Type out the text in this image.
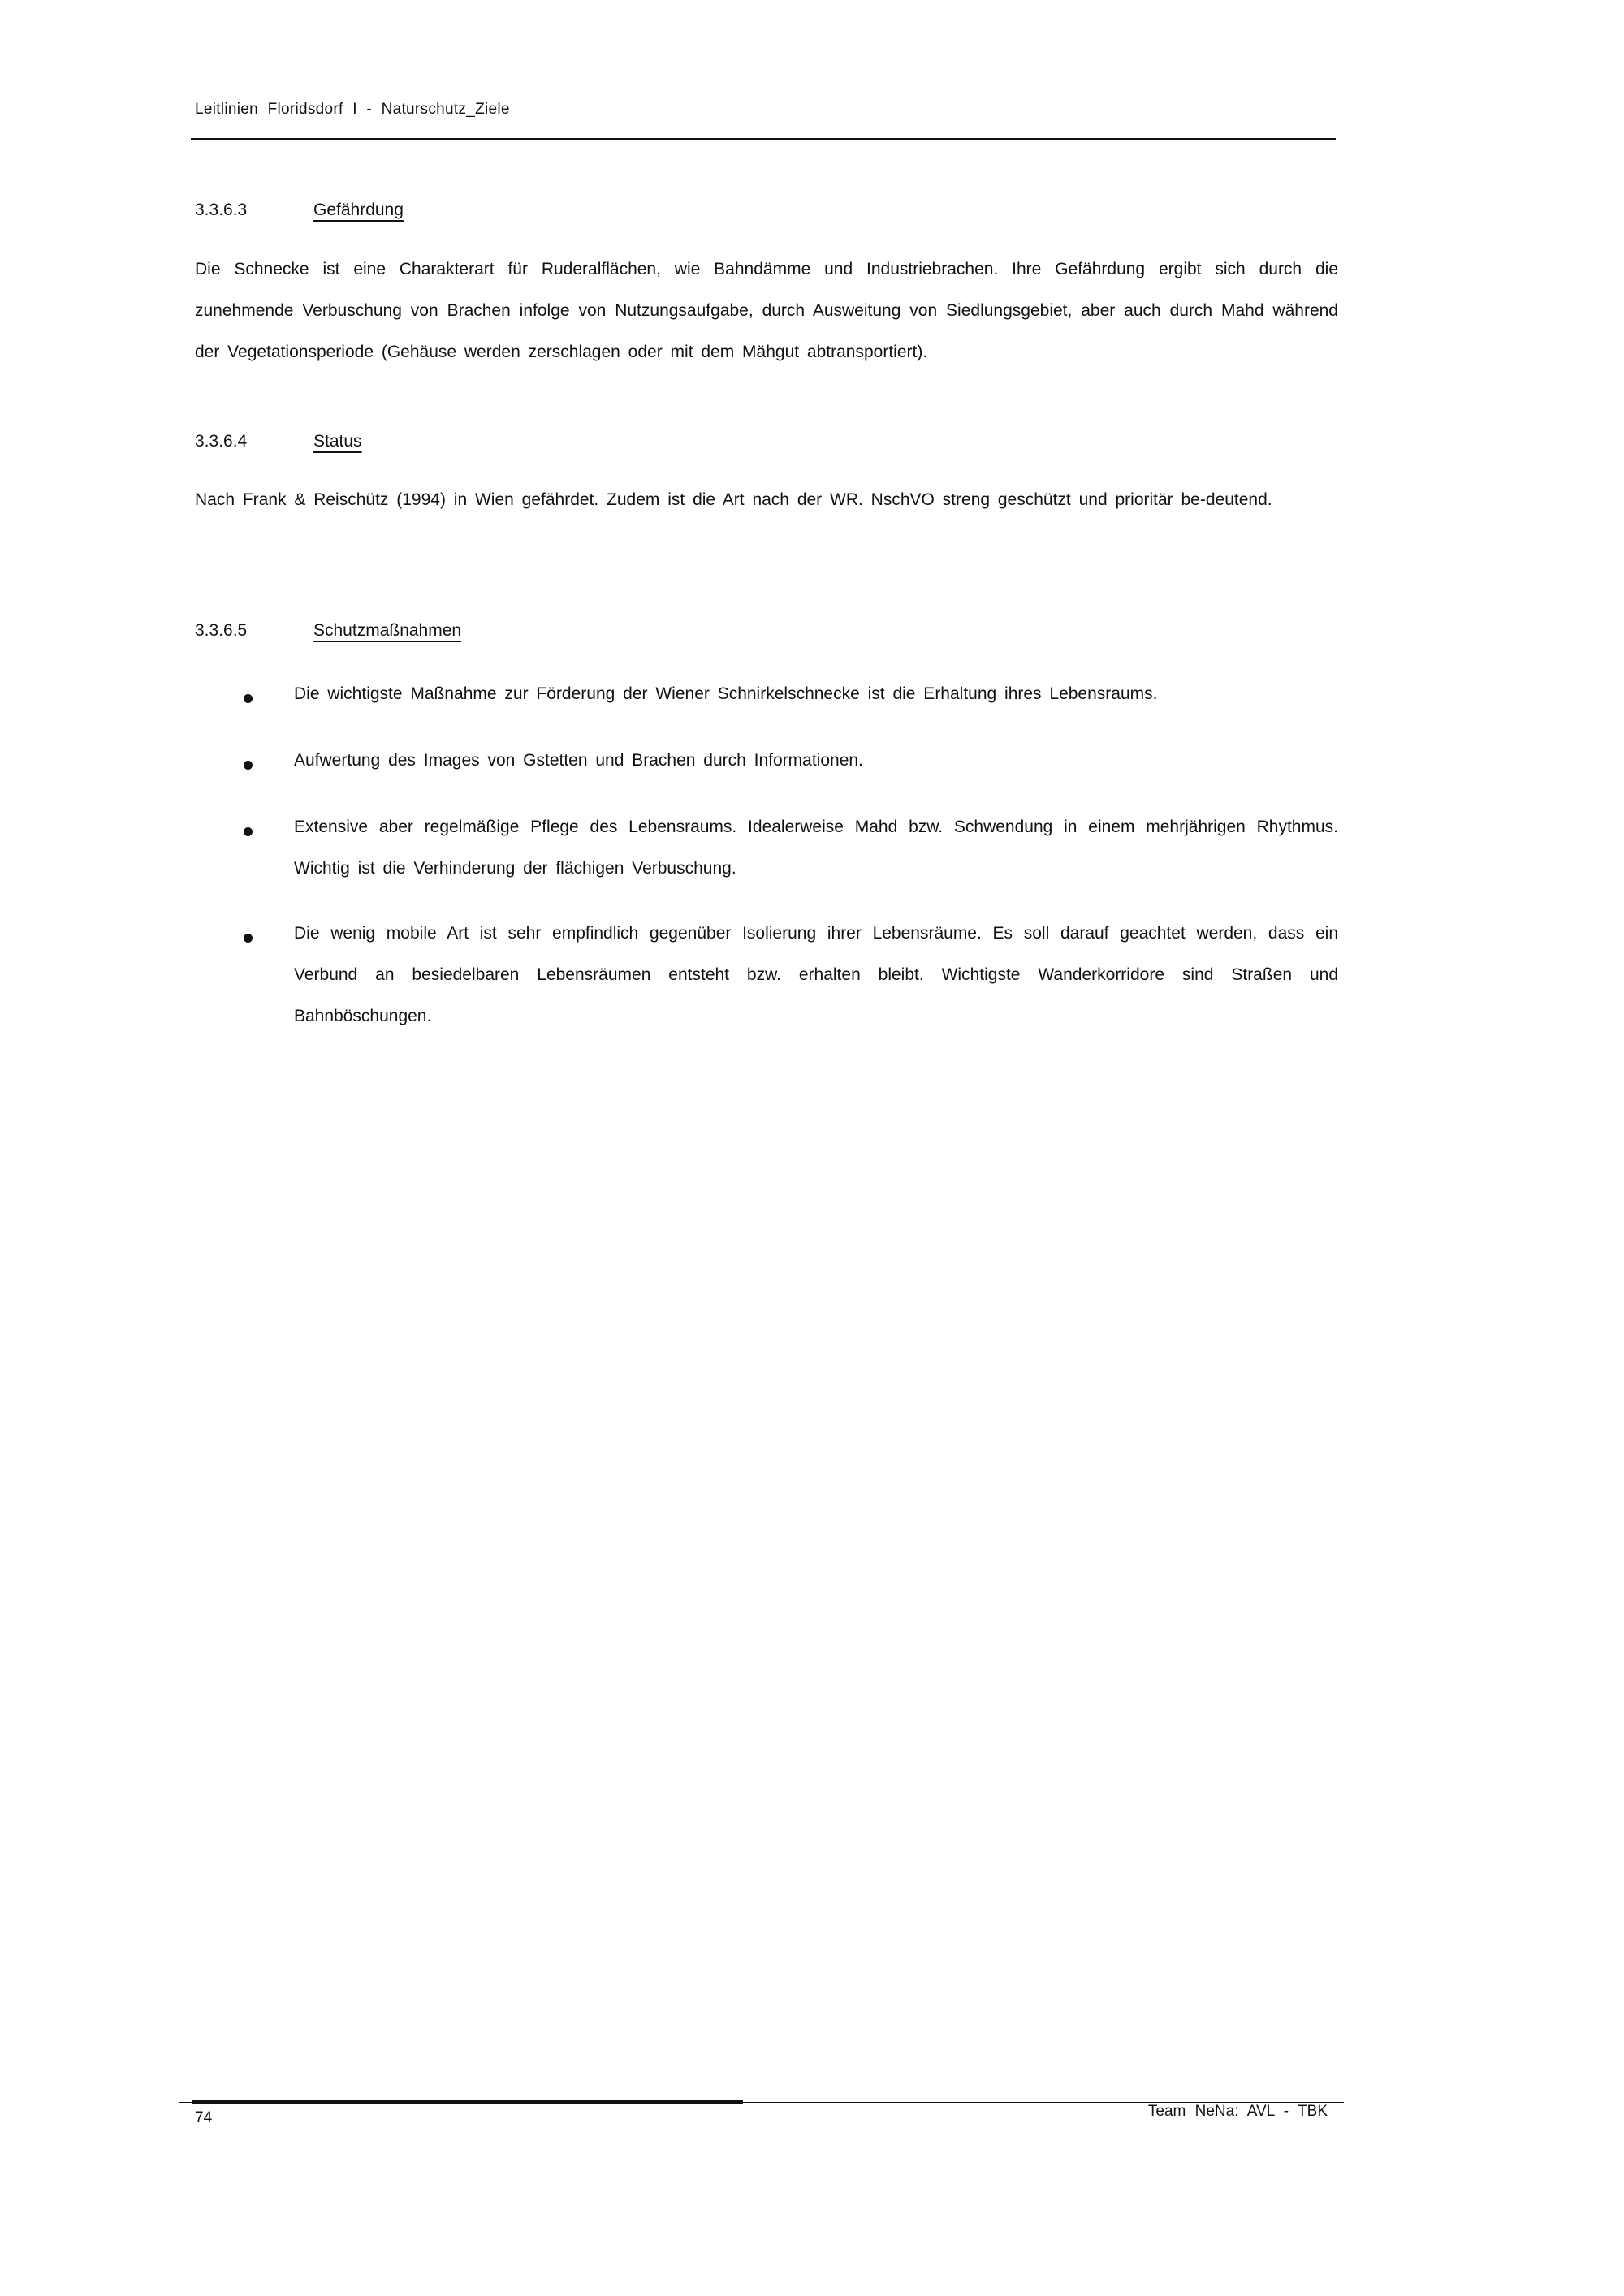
Leitlinien Floridsdorf I - Naturschutz_Ziele
3.3.6.3	Gefährdung

Die Schnecke ist eine Charakterart für Ruderalflächen, wie Bahndämme und Industriebrachen. Ihre Gefährdung ergibt sich durch die zunehmende Verbuschung von Brachen infolge von Nutzungsaufgabe, durch Ausweitung von Siedlungsgebiet, aber auch durch Mahd während der Vegetationsperiode (Gehäuse werden zerschlagen oder mit dem Mähgut abtransportiert).

3.3.6.4	Status

Nach Frank & Reischütz (1994) in Wien gefährdet. Zudem ist die Art nach der WR. NschVO streng geschützt und prioritär be-deutend.

3.3.6.5	Schutzmaßnahmen
Die wichtigste Maßnahme zur Förderung der Wiener Schnirkelschnecke ist die Erhaltung ihres Lebensraums.
Aufwertung des Images von Gstetten und Brachen durch Informationen.
Extensive aber regelmäßige Pflege des Lebensraums. Idealerweise Mahd bzw. Schwendung in einem mehrjährigen Rhythmus. Wichtig ist die Verhinderung der flächigen Verbuschung.
Die wenig mobile Art ist sehr empfindlich gegenüber Isolierung ihrer Lebensräume. Es soll darauf geachtet werden, dass ein Verbund an besiedelbaren Lebensräumen entsteht bzw. erhalten bleibt. Wichtigste Wanderkorridore sind Straßen und Bahnböschungen.
74	Team NeNa: AVL - TBK
